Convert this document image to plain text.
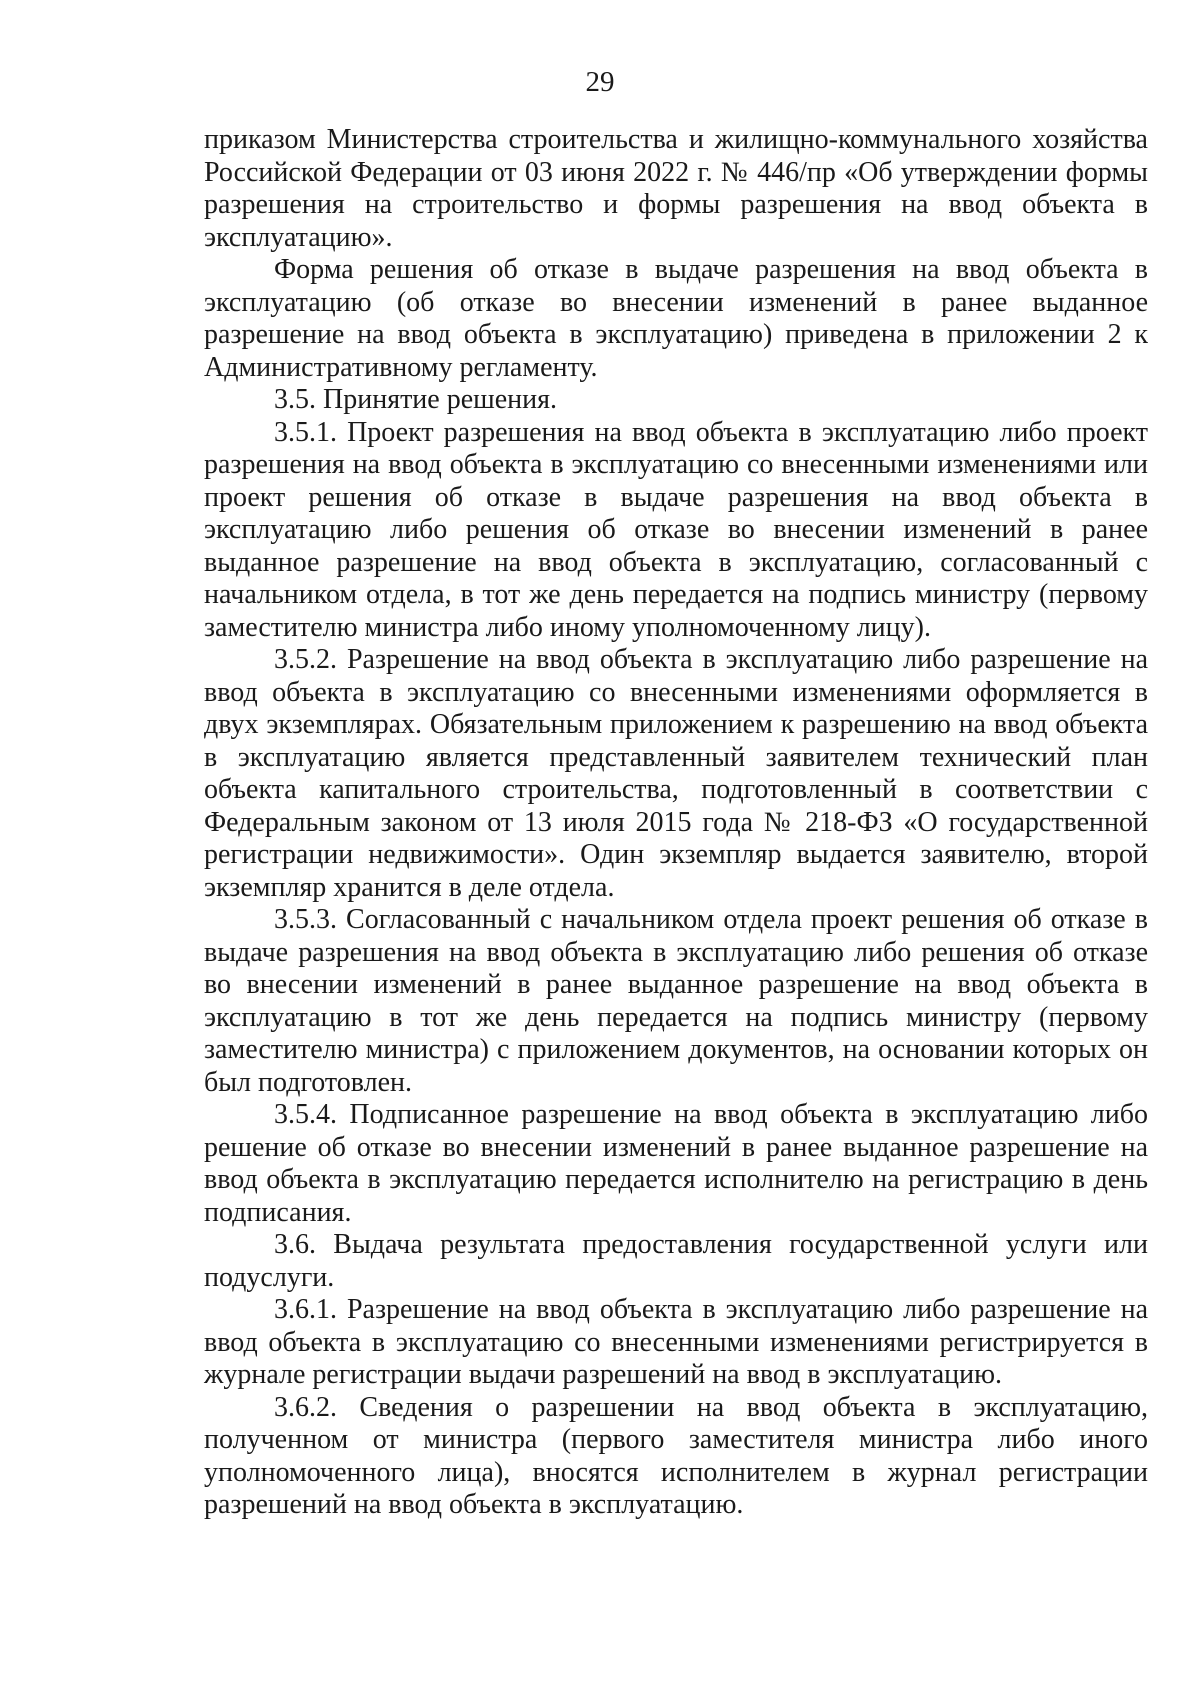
29

приказом Министерства строительства и жилищно-коммунального хозяйства Российской Федерации от 03 июня 2022 г. № 446/пр «Об утверждении формы разрешения на строительство и формы разрешения на ввод объекта в эксплуатацию».

Форма решения об отказе в выдаче разрешения на ввод объекта в эксплуатацию (об отказе во внесении изменений в ранее выданное разрешение на ввод объекта в эксплуатацию) приведена в приложении 2 к Административному регламенту.

3.5. Принятие решения.

3.5.1. Проект разрешения на ввод объекта в эксплуатацию либо проект разрешения на ввод объекта в эксплуатацию со внесенными изменениями или проект решения об отказе в выдаче разрешения на ввод объекта в эксплуатацию либо решения об отказе во внесении изменений в ранее выданное разрешение на ввод объекта в эксплуатацию, согласованный с начальником отдела, в тот же день передается на подпись министру (первому заместителю министра либо иному уполномоченному лицу).

3.5.2. Разрешение на ввод объекта в эксплуатацию либо разрешение на ввод объекта в эксплуатацию со внесенными изменениями оформляется в двух экземплярах. Обязательным приложением к разрешению на ввод объекта в эксплуатацию является представленный заявителем технический план объекта капитального строительства, подготовленный в соответствии с Федеральным законом от 13 июля 2015 года № 218-ФЗ «О государственной регистрации недвижимости». Один экземпляр выдается заявителю, второй экземпляр хранится в деле отдела.

3.5.3. Согласованный с начальником отдела проект решения об отказе в выдаче разрешения на ввод объекта в эксплуатацию либо решения об отказе во внесении изменений в ранее выданное разрешение на ввод объекта в эксплуатацию в тот же день передается на подпись министру (первому заместителю министра) с приложением документов, на основании которых он был подготовлен.

3.5.4. Подписанное разрешение на ввод объекта в эксплуатацию либо решение об отказе во внесении изменений в ранее выданное разрешение на ввод объекта в эксплуатацию передается исполнителю на регистрацию в день подписания.

3.6. Выдача результата предоставления государственной услуги или подуслуги.

3.6.1. Разрешение на ввод объекта в эксплуатацию либо разрешение на ввод объекта в эксплуатацию со внесенными изменениями регистрируется в журнале регистрации выдачи разрешений на ввод в эксплуатацию.

3.6.2. Сведения о разрешении на ввод объекта в эксплуатацию, полученном от министра (первого заместителя министра либо иного уполномоченного лица), вносятся исполнителем в журнал регистрации разрешений на ввод объекта в эксплуатацию.
